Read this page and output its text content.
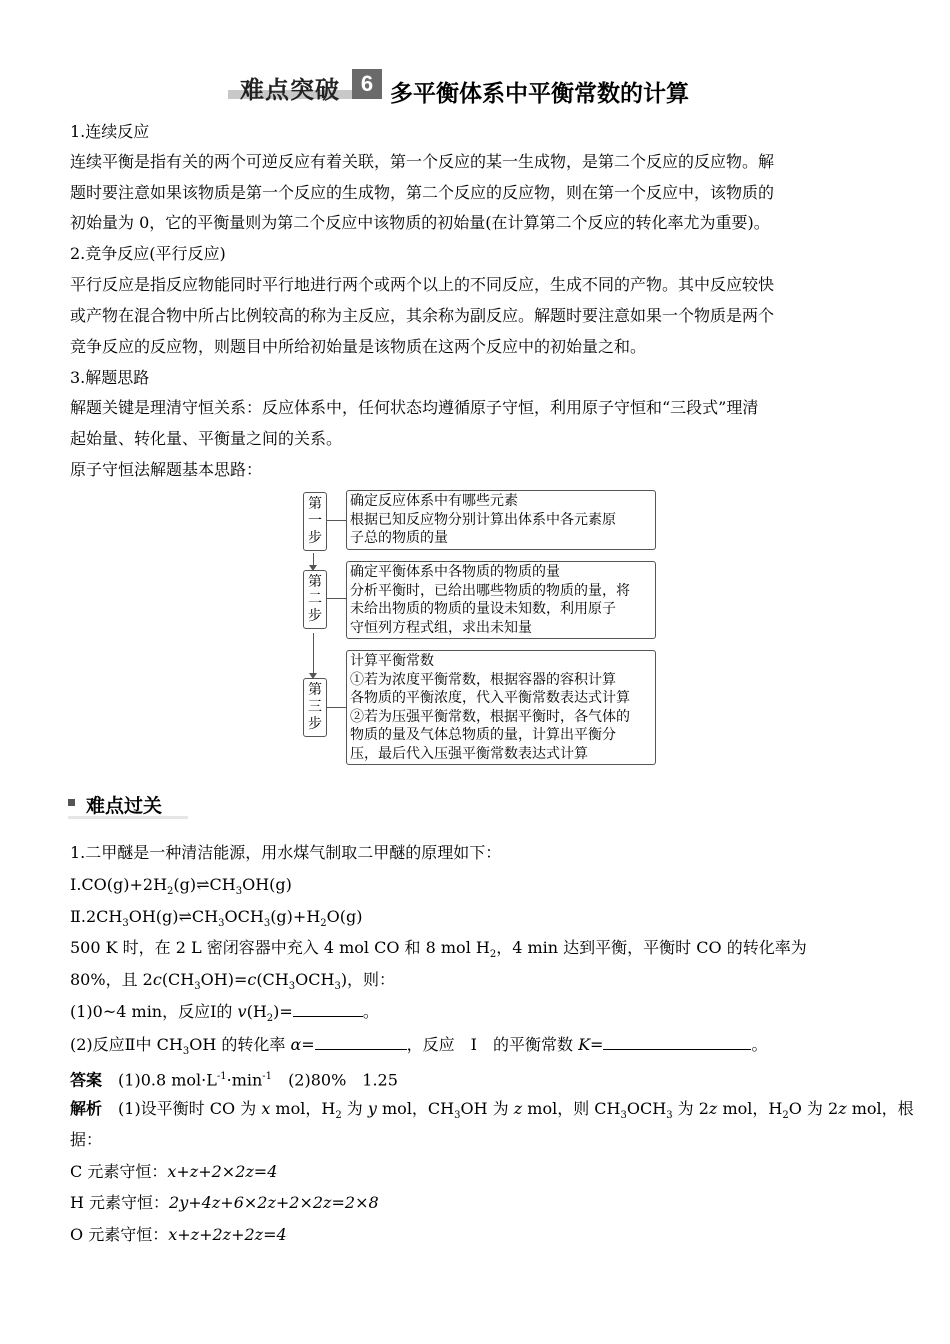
难点突破 6 多平衡体系中平衡常数的计算
1.连续反应
连续平衡是指有关的两个可逆反应有着关联，第一个反应的某一生成物，是第二个反应的反应物。解
题时要注意如果该物质是第一个反应的生成物，第二个反应的反应物，则在第一个反应中，该物质的
初始量为 0，它的平衡量则为第二个反应中该物质的初始量(在计算第二个反应的转化率尤为重要)。
2.竞争反应(平行反应)
平行反应是指反应物能同时平行地进行两个或两个以上的不同反应，生成不同的产物。其中反应较快
或产物在混合物中所占比例较高的称为主反应，其余称为副反应。解题时要注意如果一个物质是两个
竞争反应的反应物，则题目中所给初始量是该物质在这两个反应中的初始量之和。
3.解题思路
解题关键是理清守恒关系：反应体系中，任何状态均遵循原子守恒，利用原子守恒和“三段式”理清
起始量、转化量、平衡量之间的关系。
原子守恒法解题基本思路：
第
一
步
第
二
步
第
三
步
确定反应体系中有哪些元素
根据已知反应物分别计算出体系中各元素原
子总的物质的量
确定平衡体系中各物质的物质的量
分析平衡时，已给出哪些物质的物质的量，将
未给出物质的物质的量设未知数，利用原子
守恒列方程式组，求出未知量
计算平衡常数
①若为浓度平衡常数，根据容器的容积计算
各物质的平衡浓度，代入平衡常数表达式计算
②若为压强平衡常数，根据平衡时，各气体的
物质的量及气体总物质的量，计算出平衡分
压，最后代入压强平衡常数表达式计算
难点过关
1.二甲醚是一种清洁能源，用水煤气制取二甲醚的原理如下：
$Ⅰ.CO(g)+2H_2(g)\rightleftharpoons CH_3OH(g)$
$Ⅱ.2CH_3OH(g)\rightleftharpoons CH_3OCH_3(g)+H_2O(g)$
500 K 时，在 2 L 密闭容器中充入 4 mol CO 和 8 mol $H_2$，4 min 达到平衡，平衡时 CO 的转化率为
80%，且 $2c(CH_3OH)=c(CH_3OCH_3)$，则：
(1)0~4 min，反应Ⅰ的 $v(H_2)=$	。
(2)反应Ⅱ中 $CH_3OH$ 的转化率 α=	，反应　Ⅰ　的平衡常数 K=	。
答案　 (1)0.8 $mol\cdot L^{-1}\cdot\min^{-1}$　 (2)80%　1.25
解析　(1)设平衡时 CO 为 x mol，$H_2$ 为 y mol，$CH_3OH$ 为 z mol，则 $CH_3OCH_3$ 为 2z mol，$H_2O$ 为 2z mol，根
据：
C 元素守恒：x+z+2×2z=4
H 元素守恒：2y+4z+6×2z+2×2z=2×8
O 元素守恒：x+z+2z+2z=4
